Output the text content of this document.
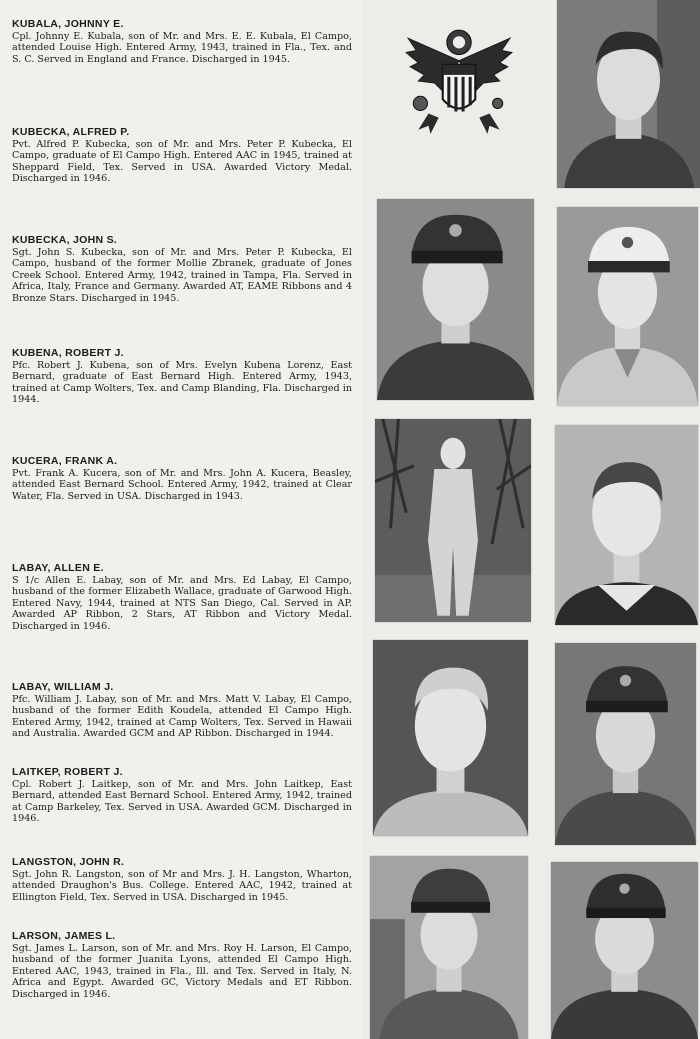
KUBALA, JOHNNY E.

Cpl. Johnny E. Kubala, son of Mr. and Mrs. E. E. Kubala, El Campo, attended Louise High. Entered Army, 1943, trained in Fla., Tex. and S. C. Served in England and France. Discharged in 1945.

KUBECKA, ALFRED P.

Pvt. Alfred P. Kubecka, son of Mr. and Mrs. Peter P. Kubecka, El Campo, graduate of El Campo High. Entered AAC in 1945, trained at Sheppard Field, Tex. Served in USA. Awarded Victory Medal. Discharged in 1946.

KUBECKA, JOHN S.

Sgt. John S. Kubecka, son of Mr. and Mrs. Peter P. Kubecka, El Campo, husband of the former Mollie Zbranek, graduate of Jones Creek School. Entered Army, 1942, trained in Tampa, Fla. Served in Africa, Italy, France and Germany. Awarded AT, EAME Ribbons and 4 Bronze Stars. Discharged in 1945.

KUBENA, ROBERT J.

Pfc. Robert J. Kubena, son of Mrs. Evelyn Kubena Lorenz, East Bernard, graduate of East Bernard High. Entered Army, 1943, trained at Camp Wolters, Tex. and Camp Blanding, Fla. Discharged in 1944.

KUCERA, FRANK A.

Pvt. Frank A. Kucera, son of Mr. and Mrs. John A. Kucera, Beasley, attended East Bernard School. Entered Army, 1942, trained at Clear Water, Fla. Served in USA. Discharged in 1943.

LABAY, ALLEN E.

S 1/c Allen E. Labay, son of Mr. and Mrs. Ed Labay, El Campo, husband of the former Elizabeth Wallace, graduate of Garwood High. Entered Navy, 1944, trained at NTS San Diego, Cal. Served in AP. Awarded AP Ribbon, 2 Stars, AT Ribbon and Victory Medal. Discharged in 1946.

LABAY, WILLIAM J.

Pfc. William J. Labay, son of Mr. and Mrs. Matt V. Labay, El Campo, husband of the former Edith Koudela, attended El Campo High. Entered Army, 1942, trained at Camp Wolters, Tex. Served in Hawaii and Australia. Awarded GCM and AP Ribbon. Discharged in 1944.

LAITKEP, ROBERT J.

Cpl. Robert J. Laitkep, son of Mr. and Mrs. John Laitkep, East Bernard, attended East Bernard School. Entered Army, 1942, trained at Camp Barkeley, Tex. Served in USA. Awarded GCM. Discharged in 1946.

LANGSTON, JOHN R.

Sgt. John R. Langston, son of Mr and Mrs. J. H. Langston, Wharton, attended Draughon's Bus. College. Entered AAC, 1942, trained at Ellington Field, Tex. Served in USA. Discharged in 1945.

LARSON, JAMES L.

Sgt. James L. Larson, son of Mr. and Mrs. Roy H. Larson, El Campo, husband of the former Juanita Lyons, attended El Campo High. Entered AAC, 1943, trained in Fla., Ill. and Tex. Served in Italy, N. Africa and Egypt. Awarded GC, Victory Medals and ET Ribbon. Discharged in 1946.
